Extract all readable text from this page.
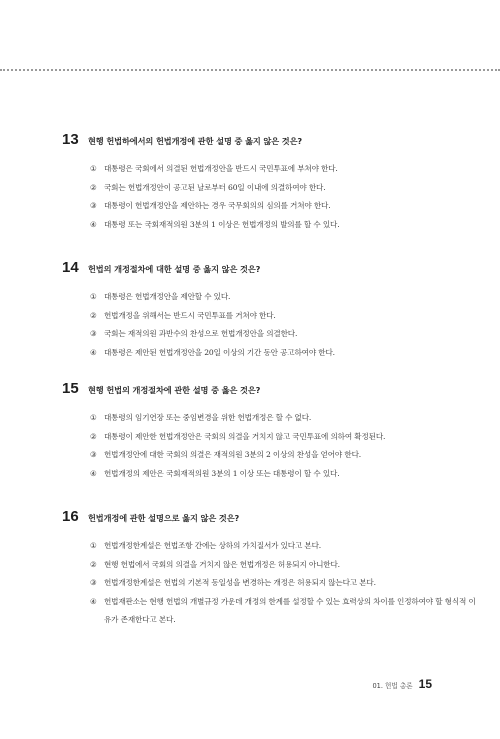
13	현행 헌법하에서의 헌법개정에 관한 설명 중 옳지 않은 것은?
① 대통령은 국회에서 의결된 헌법개정안을 반드시 국민투표에 부쳐야 한다.
② 국회는 헌법개정안이 공고된 날로부터 60일 이내에 의결하여야 한다.
③ 대통령이 헌법개정안을 제안하는 경우 국무회의의 심의를 거쳐야 한다.
④ 대통령 또는 국회재적의원 3분의 1 이상은 헌법개정의 발의를 할 수 있다.
14	헌법의 개정절차에 대한 설명 중 옳지 않은 것은?
① 대통령은 헌법개정안을 제안할 수 있다.
② 헌법개정을 위해서는 반드시 국민투표를 거쳐야 한다.
③ 국회는 재적의원 과반수의 찬성으로 헌법개정안을 의결한다.
④ 대통령은 제안된 헌법개정안을 20일 이상의 기간 동안 공고하여야 한다.
15	현행 헌법의 개정절차에 관한 설명 중 옳은 것은?
① 대통령의 임기연장 또는 중임변경을 위한 헌법개정은 할 수 없다.
② 대통령이 제안한 헌법개정안은 국회의 의결을 거치지 않고 국민투표에 의하여 확정된다.
③ 헌법개정안에 대한 국회의 의결은 재적의원 3분의 2 이상의 찬성을 얻어야 한다.
④ 헌법개정의 제안은 국회재적의원 3분의 1 이상 또는 대통령이 할 수 있다.
16	헌법개정에 관한 설명으로 옳지 않은 것은?
① 헌법개정한계설은 헌법조항 간에는 상하의 가치질서가 있다고 본다.
② 현행 헌법에서 국회의 의결을 거치지 않은 헌법개정은 허용되지 아니한다.
③ 헌법개정한계설은 헌법의 기본적 동일성을 변경하는 개정은 허용되지 않는다고 본다.
④ 헌법재판소는 현행 헌법의 개별규정 가운데 개정의 한계를 설정할 수 있는 효력상의 차이를 인정하여야 할 형식적 이유가 존재한다고 본다.
01. 헌법 총론 15
